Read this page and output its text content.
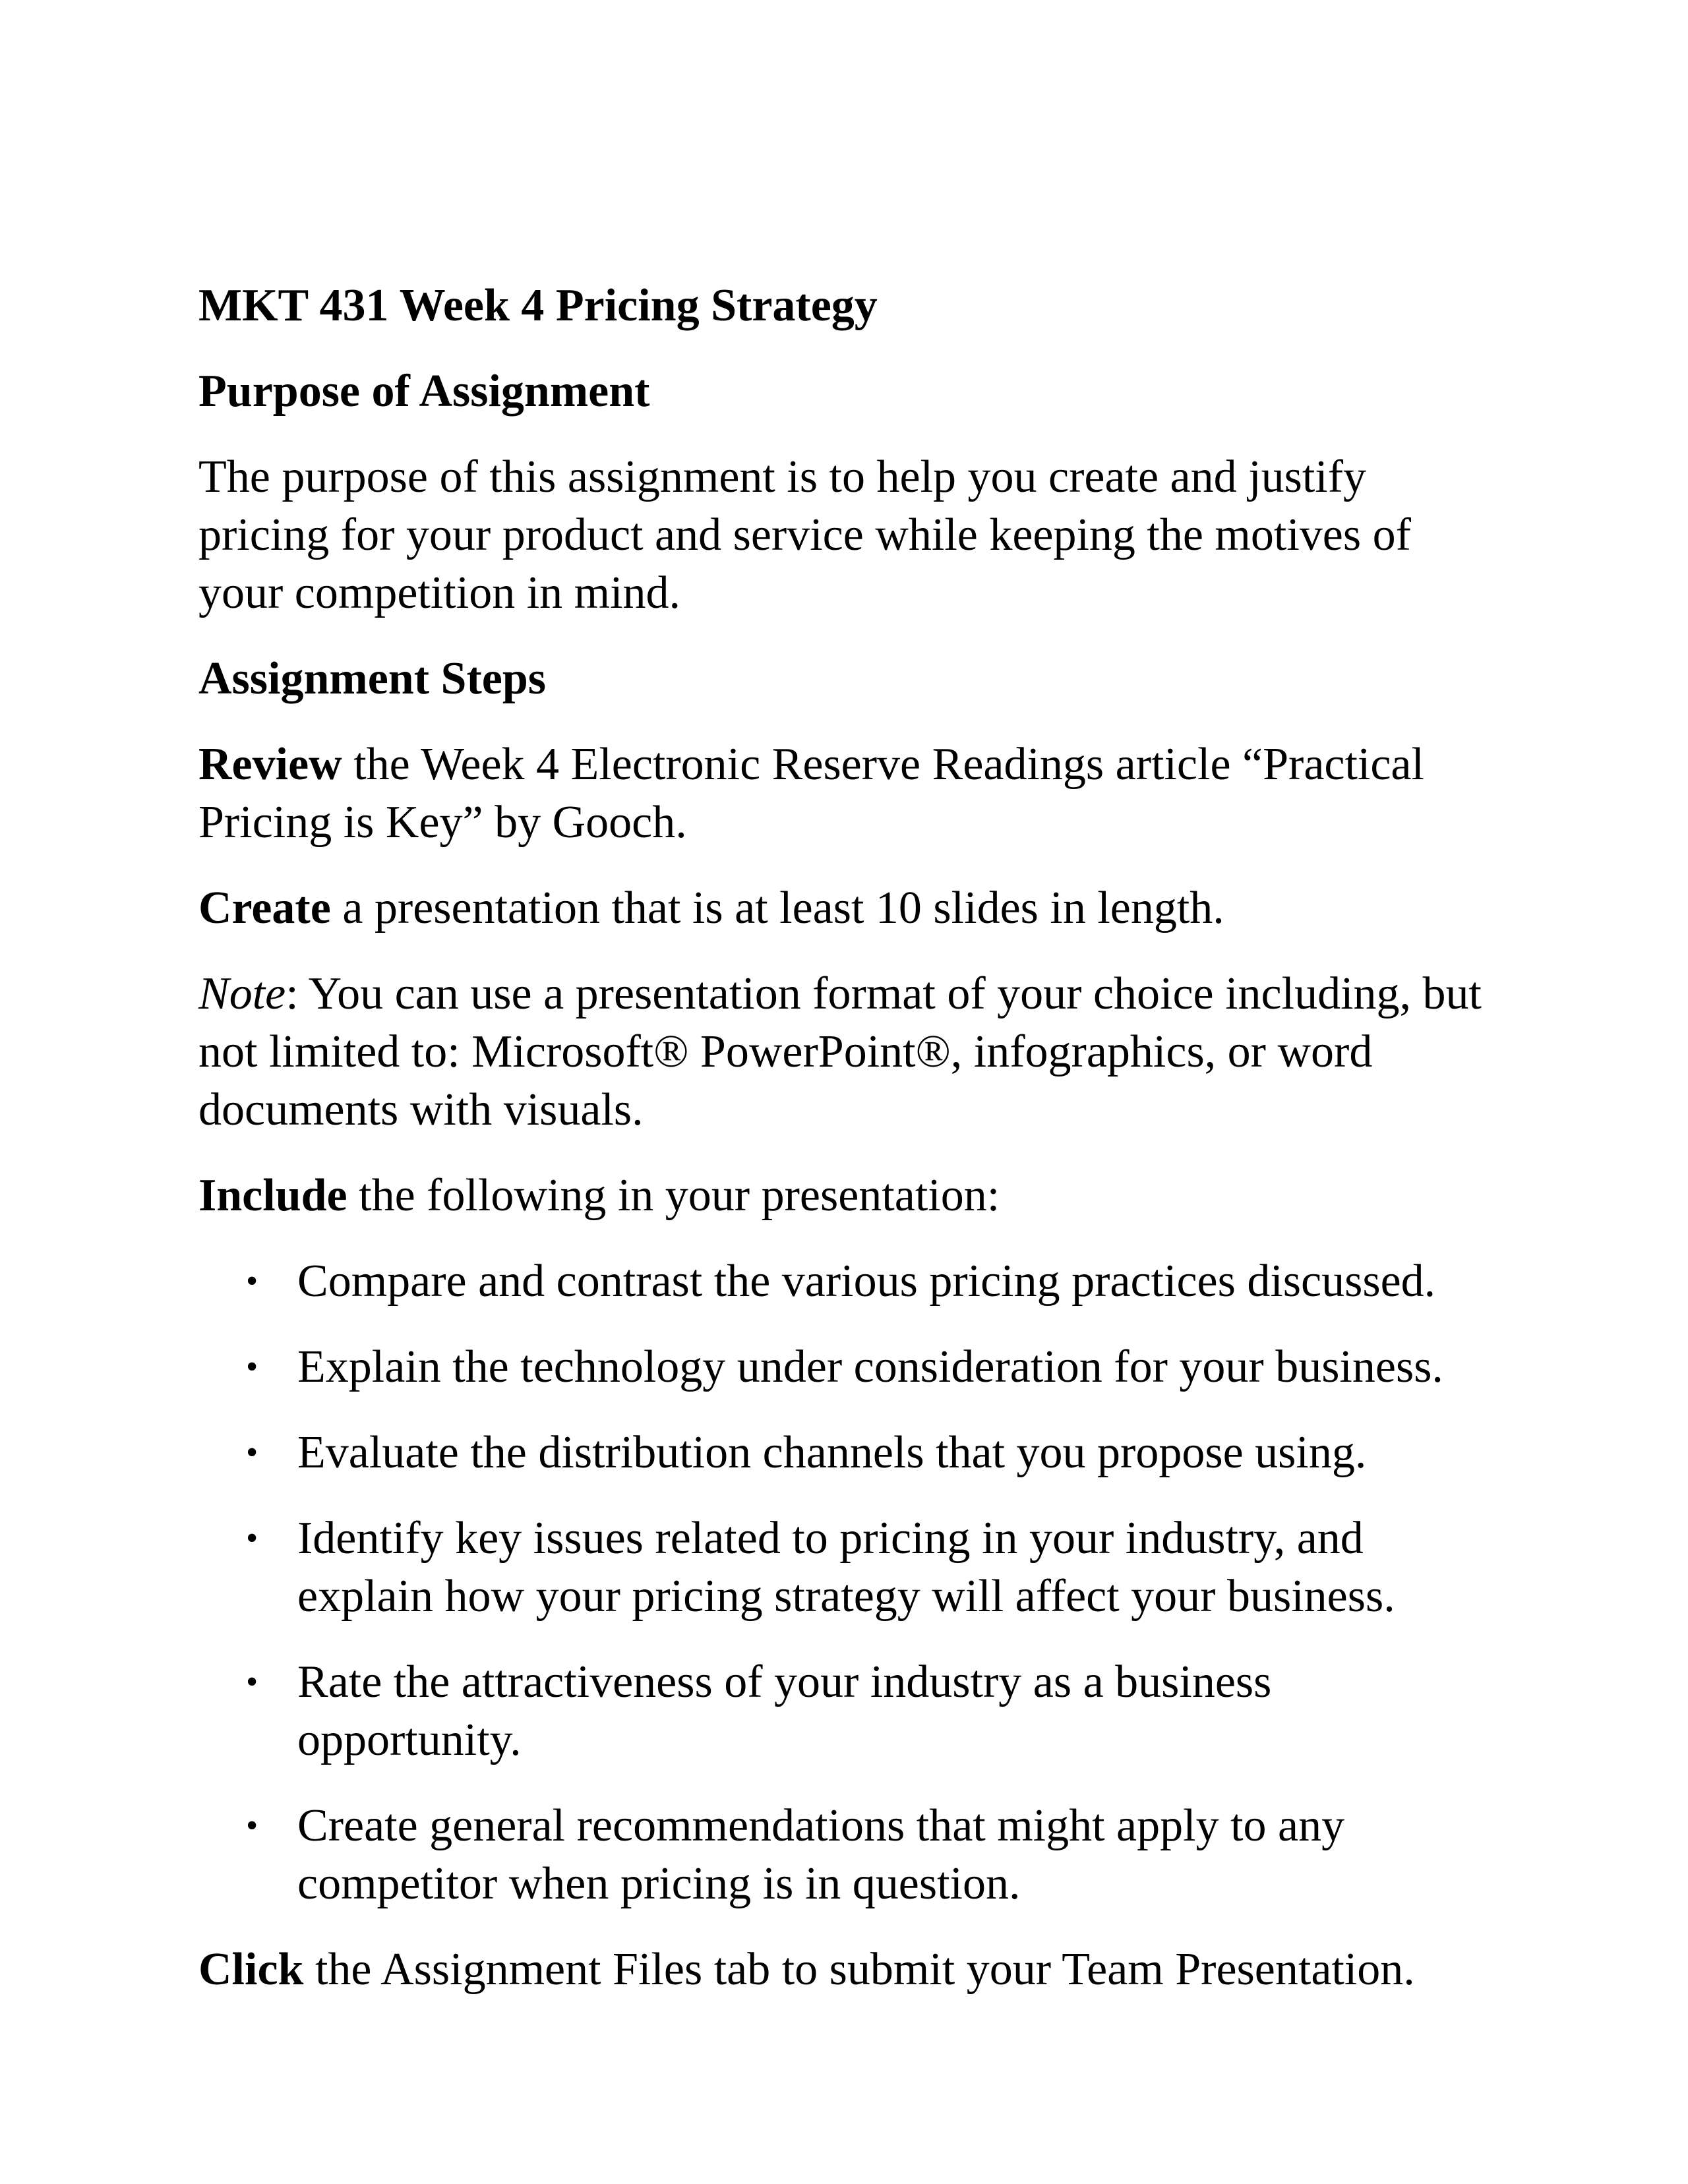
MKT 431 Week 4 Pricing Strategy
Purpose of Assignment

The purpose of this assignment is to help you create and justify pricing for your product and service while keeping the motives of your competition in mind.

Assignment Steps

Review the Week 4 Electronic Reserve Readings article “Practical Pricing is Key” by Gooch.

Create a presentation that is at least 10 slides in length.

Note: You can use a presentation format of your choice including, but not limited to: Microsoft® PowerPoint®, infographics, or word documents with visuals.

Include the following in your presentation:

• Compare and contrast the various pricing practices discussed.
• Explain the technology under consideration for your business.
• Evaluate the distribution channels that you propose using.
• Identify key issues related to pricing in your industry, and explain how your pricing strategy will affect your business.
• Rate the attractiveness of your industry as a business opportunity.
• Create general recommendations that might apply to any competitor when pricing is in question.

Click the Assignment Files tab to submit your Team Presentation.
